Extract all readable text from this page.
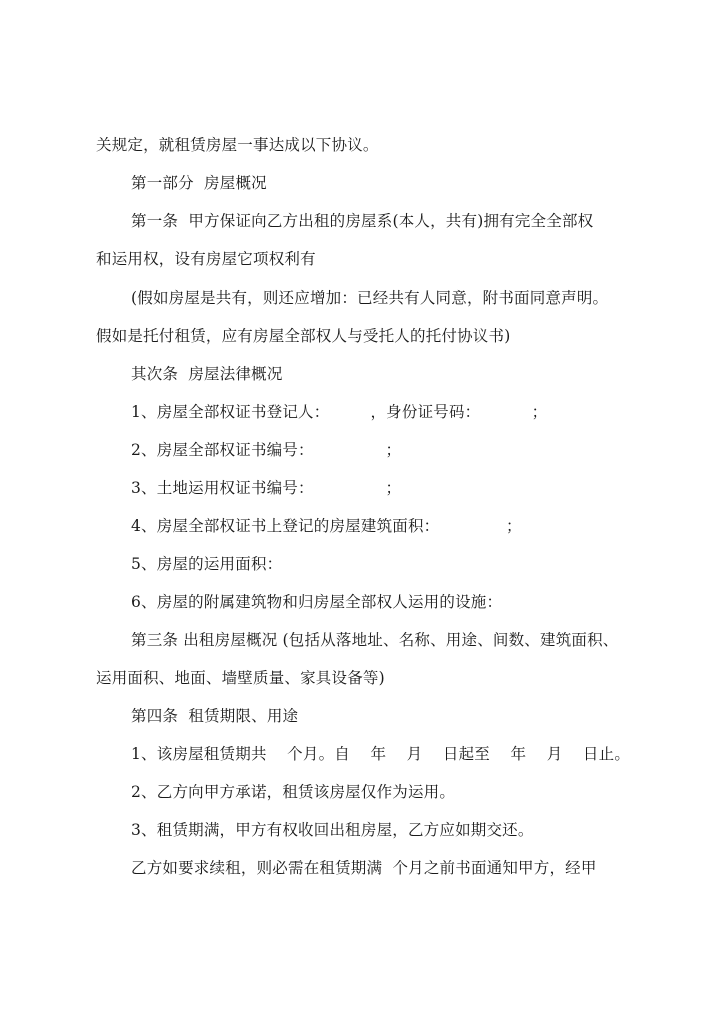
关规定，就租赁房屋一事达成以下协议。
第一部分  房屋概况
第一条  甲方保证向乙方出租的房屋系(本人，共有)拥有完全全部权
和运用权，设有房屋它项权利有
(假如房屋是共有，则还应增加：已经共有人同意，附书面同意声明。
假如是托付租赁，应有房屋全部权人与受托人的托付协议书)
其次条  房屋法律概况
1、房屋全部权证书登记人：        ，身份证号码：          ；
2、房屋全部权证书编号：              ；
3、土地运用权证书编号：              ；
4、房屋全部权证书上登记的房屋建筑面积：             ；
5、房屋的运用面积：
6、房屋的附属建筑物和归房屋全部权人运用的设施：
第三条 出租房屋概况 (包括从落地址、名称、用途、间数、建筑面积、
运用面积、地面、墙壁质量、家具设备等)
第四条  租赁期限、用途
1、该房屋租赁期共    个月。自    年    月    日起至    年    月    日止。
2、乙方向甲方承诺，租赁该房屋仅作为运用。
3、租赁期满，甲方有权收回出租房屋，乙方应如期交还。
乙方如要求续租，则必需在租赁期满  个月之前书面通知甲方，经甲
